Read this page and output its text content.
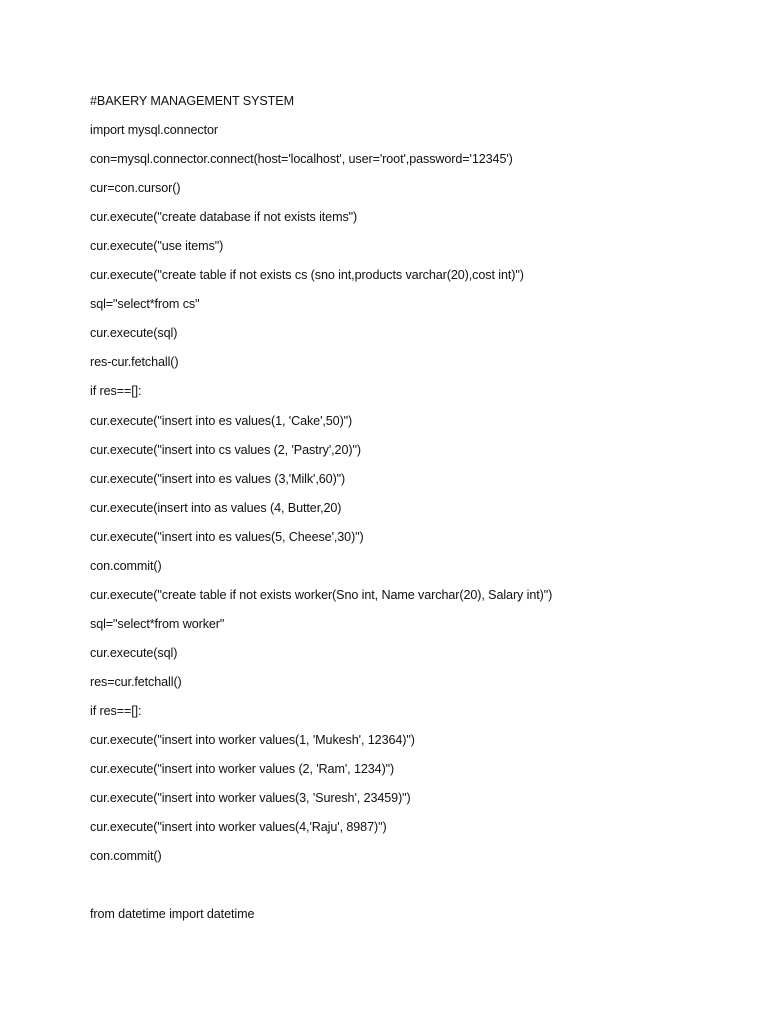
#BAKERY MANAGEMENT SYSTEM
import mysql.connector
con=mysql.connector.connect(host='localhost', user='root',password='12345')
cur=con.cursor()
cur.execute("create database if not exists items")
cur.execute("use items")
cur.execute("create table if not exists cs (sno int,products varchar(20),cost int)")
sql="select*from cs"
cur.execute(sql)
res-cur.fetchall()
if res==[]:
cur.execute("insert into es values(1, 'Cake',50)")
cur.execute("insert into cs values (2, 'Pastry',20)")
cur.execute("insert into es values (3,'Milk',60)")
cur.execute(insert into as values (4, Butter,20)
cur.execute("insert into es values(5, Cheese',30)")
con.commit()
cur.execute("create table if not exists worker(Sno int, Name varchar(20), Salary int)")
sql="select*from worker"
cur.execute(sql)
res=cur.fetchall()
if res==[]:
cur.execute("insert into worker values(1, 'Mukesh', 12364)")
cur.execute("insert into worker values (2, 'Ram', 1234)")
cur.execute("insert into worker values(3, 'Suresh', 23459)")
cur.execute("insert into worker values(4,'Raju', 8987)")
con.commit()
from datetime import datetime
